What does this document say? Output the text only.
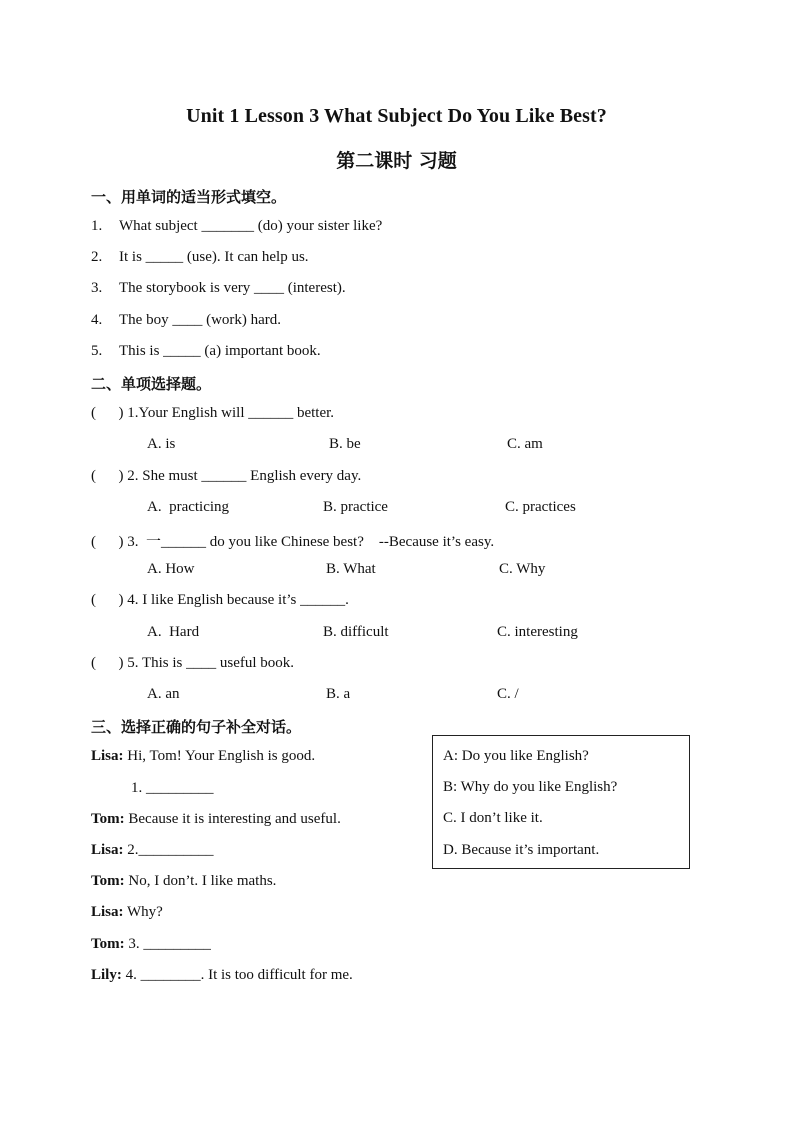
Unit 1 Lesson 3 What Subject Do You Like Best?
第二课时 习题
一、用单词的适当形式填空。
1. What subject _______ (do) your sister like?
2. It is _____ (use). It can help us.
3. The storybook is very ____ (interest).
4. The boy ____ (work) hard.
5. This is _____ (a) important book.
二、单项选择题。
(      ) 1.Your English will ______ better.
A. is	B. be	C. am
(      ) 2. She must ______ English every day.
A.  practicing	B. practice	C. practices
(      ) 3.  一______ do you like Chinese best?    --Because it’s easy.
A. How	B. What	C. Why
(      ) 4. I like English because it’s ______.
A.  Hard	B. difficult	C. interesting
(      ) 5. This is ____ useful book.
A. an	B. a	C. /
三、选择正确的句子补全对话。
Lisa: Hi, Tom! Your English is good.
1. _________
Tom: Because it is interesting and useful.
Lisa: 2.__________
Tom: No, I don’t. I like maths.
Lisa: Why?
Tom: 3. _________
Lily: 4. ________. It is too difficult for me.
A: Do you like English?
B: Why do you like English?
C. I don’t like it.
D. Because it’s important.
